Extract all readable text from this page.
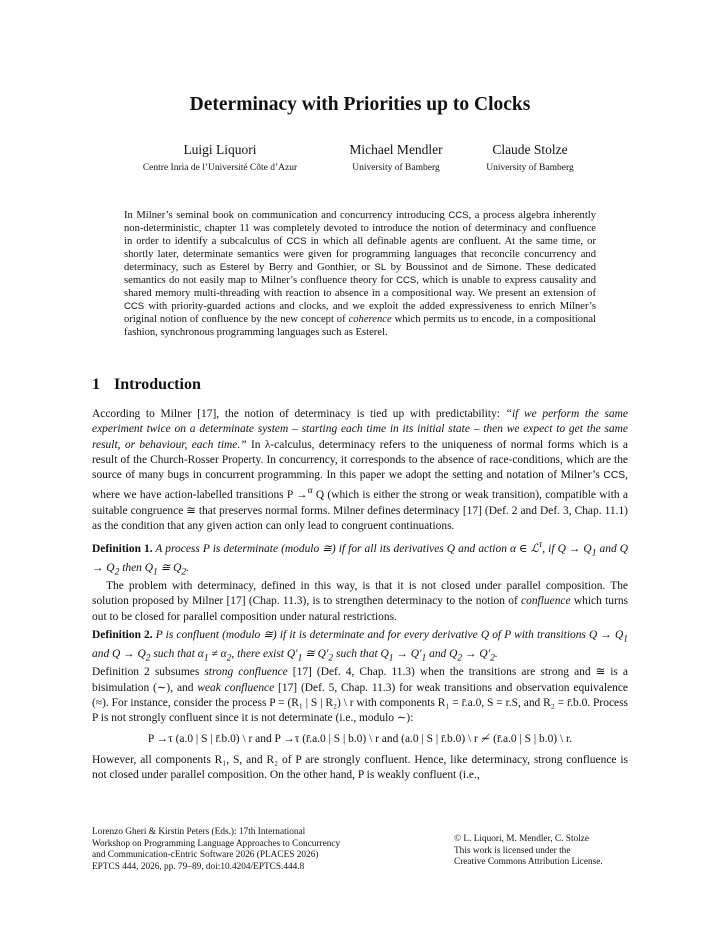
Determinacy with Priorities up to Clocks
Luigi Liquori
Centre Inria de l’Université Côte d’Azur
Michael Mendler
University of Bamberg
Claude Stolze
University of Bamberg
In Milner’s seminal book on communication and concurrency introducing CCS, a process algebra inherently non-deterministic, chapter 11 was completely devoted to introduce the notion of determinacy and confluence in order to identify a subcalculus of CCS in which all definable agents are confluent. At the same time, or shortly later, determinate semantics were given for programming languages that reconcile concurrency and determinacy, such as Esterel by Berry and Gonthier, or SL by Boussinot and de Simone. These dedicated semantics do not easily map to Milner’s confluence theory for CCS, which is unable to express causality and shared memory multi-threading with reaction to absence in a compositional way. We present an extension of CCS with priority-guarded actions and clocks, and we exploit the added expressiveness to enrich Milner’s original notion of confluence by the new concept of coherence which permits us to encode, in a compositional fashion, synchronous programming languages such as Esterel.
1 Introduction

According to Milner [17], the notion of determinacy is tied up with predictability: “if we perform the same experiment twice on a determinate system – starting each time in its initial state – then we expect to get the same result, or behaviour, each time.” In λ-calculus, determinacy refers to the uniqueness of normal forms which is a result of the Church-Rosser Property. In concurrency, it corresponds to the absence of race-conditions, which are the source of many bugs in concurrent programming. In this paper we adopt the setting and notation of Milner’s CCS, where we have action-labelled transitions P →$^\alpha$ Q (which is either the strong or weak transition), compatible with a suitable congruence ≅ that preserves normal forms. Milner defines determinacy [17] (Def. 2 and Def. 3, Chap. 11.1) as the condition that any given action can only lead to congruent continuations.

Definition 1. A process P is determinate (modulo ≅) if for all its derivatives Q and action α ∈ ℒ$^\tau$, if $Q \to Q_1$ and $Q \to Q_2$ then $Q_1$ ≅ $Q_2$.

The problem with determinacy, defined in this way, is that it is not closed under parallel composition. The solution proposed by Milner [17] (Chap. 11.3), is to strengthen determinacy to the notion of confluence which turns out to be closed for parallel composition under natural restrictions.

Definition 2. P is confluent (modulo ≅) if it is determinate and for every derivative Q of P with transitions $Q \to Q_1$ and $Q \to Q_2$ such that $\alpha_1 \ne \alpha_2$, there exist $Q'_1$ ≅ $Q'_2$ such that $Q_1 \to Q'_1$ and $Q_2 \to Q'_2$.

Definition 2 subsumes strong confluence [17] (Def. 4, Chap. 11.3) when the transitions are strong and ≅ is a bisimulation (∼), and weak confluence [17] (Def. 5, Chap. 11.3) for weak transitions and observation equivalence (≈). For instance, consider the process P = (R₁ | S | R₂) \ r with components R₁ = r̄.a.0, S = r.S, and R₂ = r̄.b.0. Process P is not strongly confluent since it is not determinate (i.e., modulo ∼):

P →τ (a.0 | S | r̄.b.0) \ r and P →τ (r̄.a.0 | S | b.0) \ r and (a.0 | S | r̄.b.0) \ r ≁ (r̄.a.0 | S | b.0) \ r.

However, all components R₁, S, and R₂ of P are strongly confluent. Hence, like determinacy, strong confluence is not closed under parallel composition. On the other hand, P is weakly confluent (i.e.,

Lorenzo Gheri & Kirstin Peters (Eds.): 17th International
Workshop on Programming Language Approaches to Concurrency
and Communication-cEntric Software 2026 (PLACES 2026)
EPTCS 444, 2026, pp. 79–89, doi:10.4204/EPTCS.444.8
© L. Liquori, M. Mendler, C. Stolze
This work is licensed under the
Creative Commons Attribution License.
